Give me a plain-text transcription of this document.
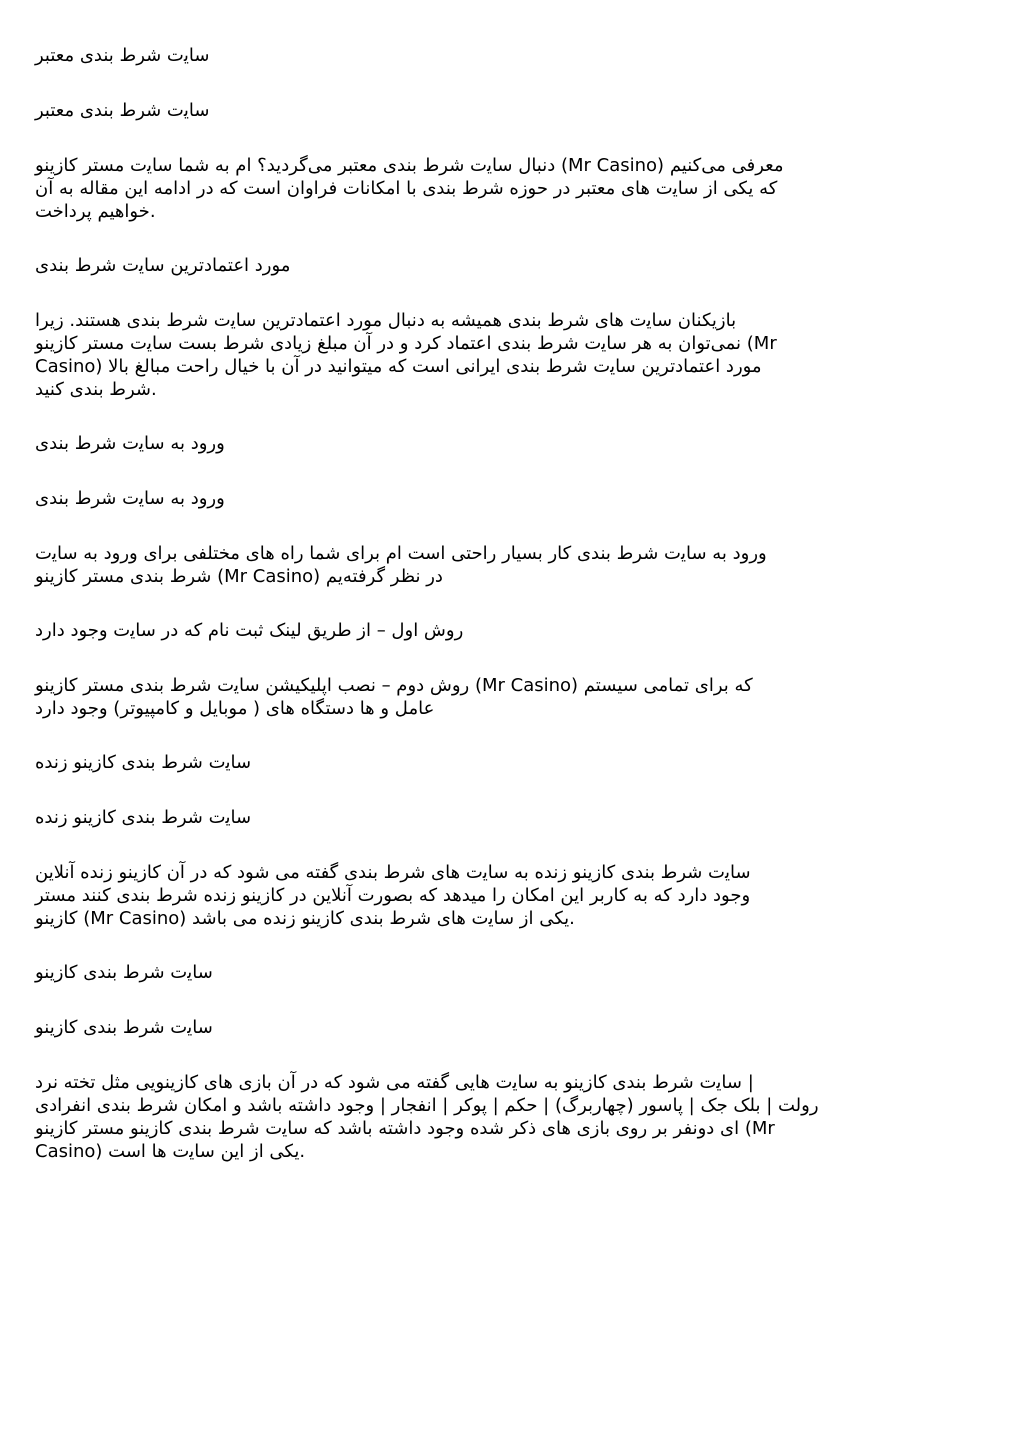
ساﯾت ﺷﺮط ﺑﻨﺪی ﻣﻌﺘﺒﺮ
ساﯾت ﺷﺮط ﺑﻨﺪی ﻣﻌﺘﺒﺮ
دﻧﺒﺎل ساﯾت ﺷﺮط ﺑﻨﺪی ﻣﻌﺘﺒﺮ ﻣﯽﮔﺮدﯾﺪ؟ ام ﺑﻪ ﺷﻤﺎ ساﯾت ﻣﺴﺘﺮ ﮐﺎزﯾﻨﻮ (Mr Casino) ﻣﻌﺮﻓﯽ ﻣﯽﮐﻨﯿﻢ
ﮐﻪ ﯾﮑﯽ از ساﯾت ﻫﺎی ﻣﻌﺘﺒﺮ در ﺣﻮزه ﺷﺮط ﺑﻨﺪی ﺑﺎ اﻣﮑﺎﻧﺎت ﻓﺮاوان است ﮐﻪ در اداﻣﻪ اﯾﻦ ﻣﻘﺎﻟﻪ ﺑﻪ آن
ﺧﻮاﻫﯿﻢ ﭘﺮداﺧﺖ.
ﻣﻮرد اﻋﺘﻤﺎدﺗﺮﯾﻦ ساﯾت ﺷﺮط ﺑﻨﺪی
ﺑﺎزﯾﮑﻨﺎن ساﯾت ﻫﺎی ﺷﺮط ﺑﻨﺪی ﻫﻤﯿﺸﻪ ﺑﻪ دﻧﺒﺎل ﻣﻮرد اﻋﺘﻤﺎدﺗﺮﯾﻦ ساﯾت ﺷﺮط ﺑﻨﺪی ﻫﺴﺘﻨﺪ. زﯾﺮا
ﻧﻤﯽﺗﻮان ﺑﻪ ﻫﺮ ساﯾت ﺷﺮط ﺑﻨﺪی اﻋﺘﻤﺎد ﮐﺮد و در آن ﻣﺒﻠﻎ زﯾﺎدی ﺷﺮط ﺑﺴﺖ ساﯾت ﻣﺴﺘﺮ ﮐﺎزﯾﻨﻮ (Mr
Casino) ﻣﻮرد اﻋﺘﻤﺎدﺗﺮﯾﻦ ساﯾت ﺷﺮط ﺑﻨﺪی اﯾﺮاﻧﯽ است ﮐﻪ ﻣﯿﺘﻮاﻧﯿﺪ در آن ﺑﺎ ﺧﯿﺎل راﺣﺖ ﻣﺒﺎﻟﻎ ﺑﺎﻻ
ﺷﺮط ﺑﻨﺪی ﮐﻨﯿﺪ.
ورود ﺑﻪ ساﯾت ﺷﺮط ﺑﻨﺪی
ورود ﺑﻪ ساﯾت ﺷﺮط ﺑﻨﺪی
ورود ﺑﻪ ساﯾت ﺷﺮط ﺑﻨﺪی ﮐﺎر ﺑﺴﯿﺎر راﺣﺘﯽ است ام ﺑﺮای ﺷﻤﺎ راه ﻫﺎی ﻣﺨﺘﻠﻔﯽ ﺑﺮای ورود ﺑﻪ ساﯾت
ﺷﺮط ﺑﻨﺪی ﻣﺴﺘﺮ ﮐﺎزﯾﻨﻮ (Mr Casino) در ﻧﻈﺮ ﮔﺮﻓﺘﻪﯾﻢ
روش اول – از ﻃﺮﯾﻖ ﻟﯿﻨﮏ ﺛﺒﺖ ﻧﺎم ﮐﻪ در ساﯾت وﺟﻮد دارد
روش دوم – ﻧﺼﺐ اﭘﻠﯿﮑﯿﺸﻦ ساﯾت ﺷﺮط ﺑﻨﺪی ﻣﺴﺘﺮ ﮐﺎزﯾﻨﻮ (Mr Casino) ﮐﻪ ﺑﺮای ﺗﻤﺎﻣﯽ ﺳﯿﺴﺘﻢ
ﻋﺎﻣﻞ و ﻫﺎ دﺳﺘﮕﺎه ﻫﺎی ( ﻣﻮﺑﺎﯾﻞ و ﮐﺎﻣﭙﯿﻮﺗﺮ) وﺟﻮد دارد
ساﯾت ﺷﺮط ﺑﻨﺪی ﮐﺎزﯾﻨﻮ زﻧﺪه
ساﯾت ﺷﺮط ﺑﻨﺪی ﮐﺎزﯾﻨﻮ زﻧﺪه
ساﯾت ﺷﺮط ﺑﻨﺪی ﮐﺎزﯾﻨﻮ زﻧﺪه ﺑﻪ ساﯾت ﻫﺎی ﺷﺮط ﺑﻨﺪی ﮔﻔﺘﻪ ﻣﯽ ﺷﻮد ﮐﻪ در آن ﮐﺎزﯾﻨﻮ زﻧﺪه آﻧﻼﯾﻦ
وﺟﻮد دارد ﮐﻪ ﺑﻪ ﮐﺎرﺑﺮ اﯾﻦ اﻣﮑﺎن را ﻣﯿﺪﻫﺪ ﮐﻪ ﺑﺼﻮرت آﻧﻼﯾﻦ در ﮐﺎزﯾﻨﻮ زﻧﺪه ﺷﺮط ﺑﻨﺪی ﮐﻨﻨﺪ ﻣﺴﺘﺮ
ﮐﺎزﯾﻨﻮ (Mr Casino) ﯾﮑﯽ از ساﯾت ﻫﺎی ﺷﺮط ﺑﻨﺪی ﮐﺎزﯾﻨﻮ زﻧﺪه ﻣﯽ ﺑﺎﺷﺪ.
ساﯾت ﺷﺮط ﺑﻨﺪی ﮐﺎزﯾﻨﻮ
ساﯾت ﺷﺮط ﺑﻨﺪی ﮐﺎزﯾﻨﻮ
ساﯾت ﺷﺮط ﺑﻨﺪی ﮐﺎزﯾﻨﻮ ﺑﻪ ساﯾت ﻫﺎﯾﯽ ﮔﻔﺘﻪ ﻣﯽ ﺷﻮد ﮐﻪ در آن ﺑﺎزی ﻫﺎی ﮐﺎزﯾﻨﻮﯾﯽ ﻣﺜﻞ ﺗﺨﺘﻪ ﻧﺮد |
روﻟﺖ | ﺑﻠﮏ ﺟﮏ | ﭘﺎﺳﻮر (ﭼﻬﺎرﺑﺮگ) | ﺣﮑﻢ | ﭘﻮﮐﺮ | اﻧﻔﺠﺎر | وﺟﻮد داﺷﺘﻪ ﺑﺎﺷﺪ و اﻣﮑﺎن ﺷﺮط ﺑﻨﺪی اﻧﻔﺮادی
ای دوﻧﻔﺮ ﺑﺮ روی ﺑﺎزی ﻫﺎی ذﮐﺮ ﺷﺪه وﺟﻮد داﺷﺘﻪ ﺑﺎﺷﺪ ﮐﻪ ساﯾت ﺷﺮط ﺑﻨﺪی ﮐﺎزﯾﻨﻮ ﻣﺴﺘﺮ ﮐﺎزﯾﻨﻮ (Mr
Casino) ﯾﮑﯽ از اﯾﻦ ساﯾت ﻫﺎ است.
